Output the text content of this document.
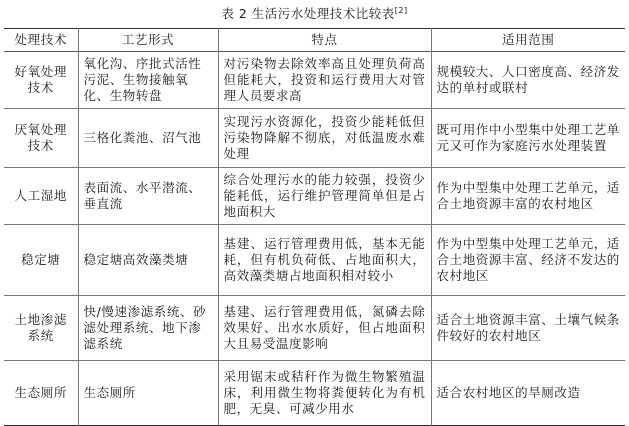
表 2 生活污水处理技术比较表[2]
处理技术	工艺形式	特点	适用范围
好氧处理技术	氧化沟、序批式活性污泥、生物接触氧化、生物转盘	对污染物去除效率高且处理负荷高但能耗大，投资和运行费用大对管理人员要求高	规模较大、人口密度高、经济发达的单村或联村
厌氧处理技术	三格化粪池、沼气池	实现污水资源化，投资少能耗低但污染物降解不彻底，对低温废水难处理	既可用作中小型集中处理工艺单元又可作为家庭污水处理装置
人工湿地	表面流、水平潜流、垂直流	综合处理污水的能力较强，投资少能耗低，运行维护管理简单但是占地面积大	作为中型集中处理工艺单元，适合土地资源丰富的农村地区
稳定塘	稳定塘高效藻类塘	基建、运行管理费用低，基本无能耗，但有机负荷低、占地面积大，高效藻类塘占地面积相对较小	作为中型集中处理工艺单元，适合土地资源丰富、经济不发达的农村地区
土地渗滤系统	快/慢速渗滤系统、砂滤处理系统、地下渗滤系统	基建、运行管理费用低，氮磷去除效果好、出水水质好，但占地面积大且易受温度影响	适合土地资源丰富、土壤气候条件较好的农村地区
生态厕所	生态厕所	采用锯末或秸秆作为微生物繁殖温床，利用微生物将粪便转化为有机肥，无臭、可减少用水	适合农村地区的旱厕改造
